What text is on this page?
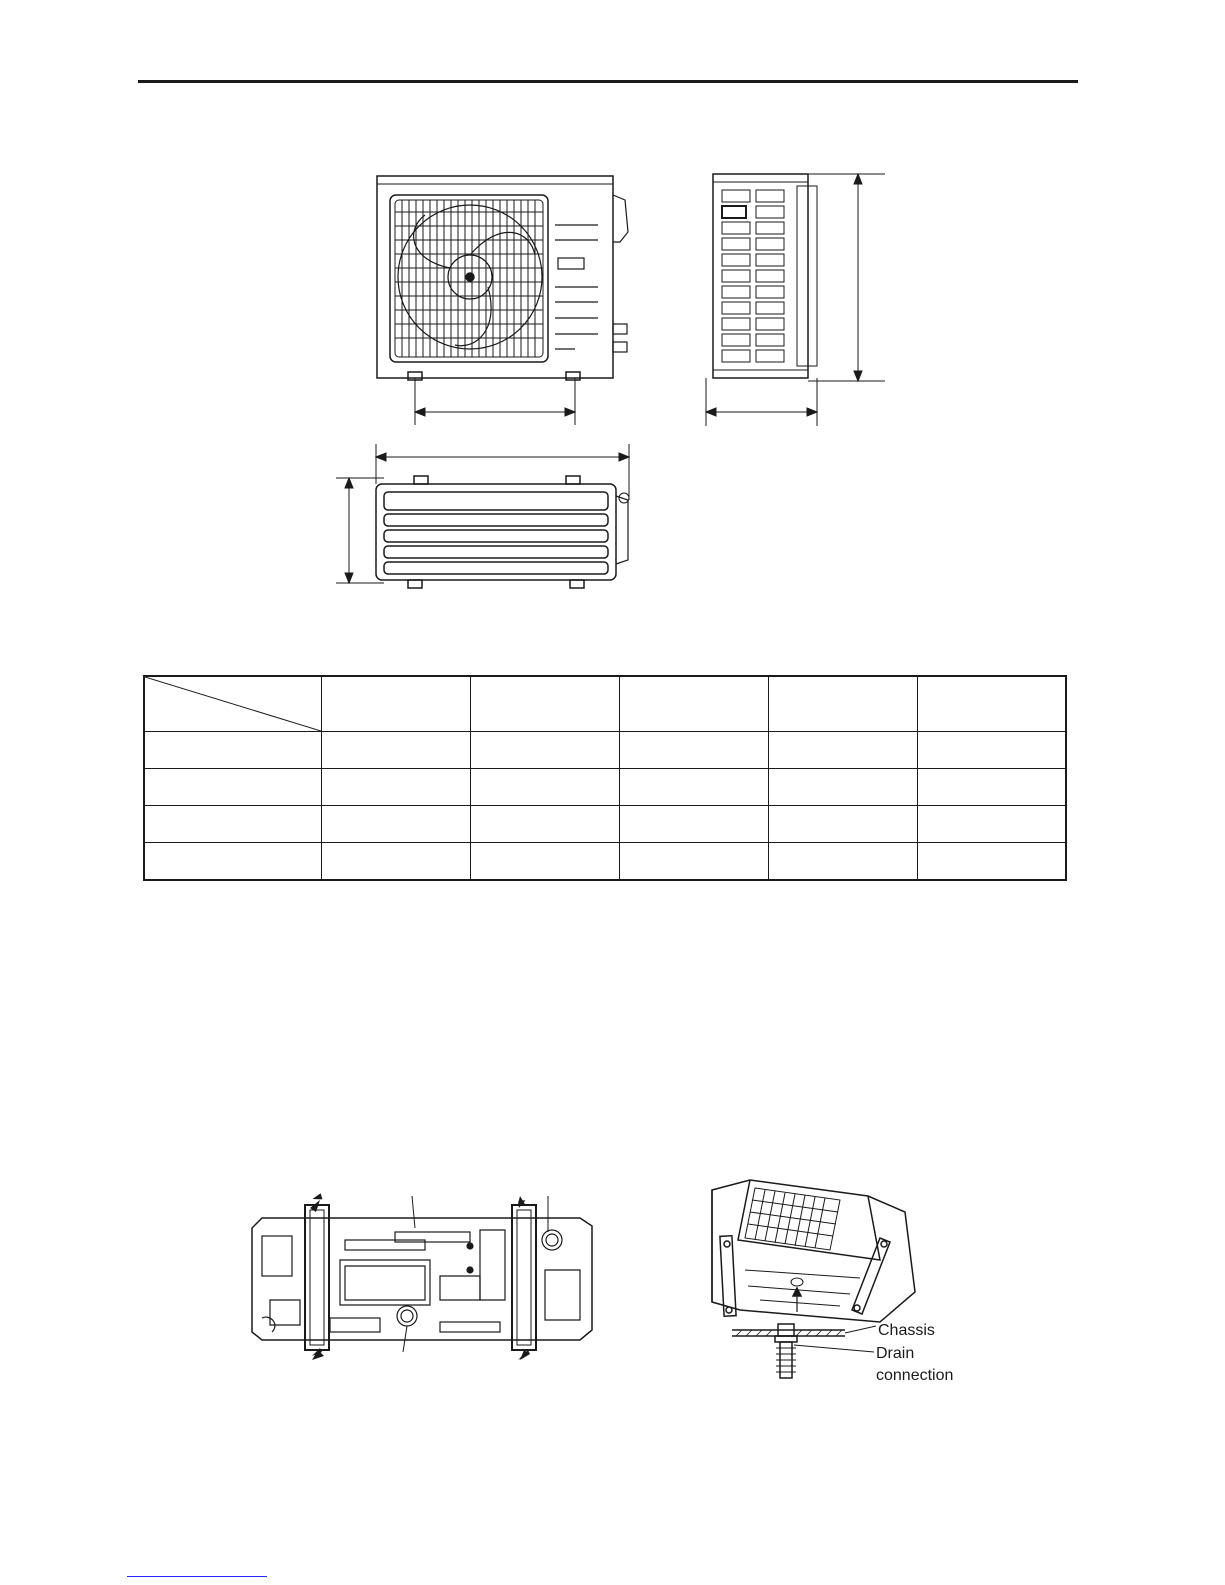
Chassis
Drain
connection
